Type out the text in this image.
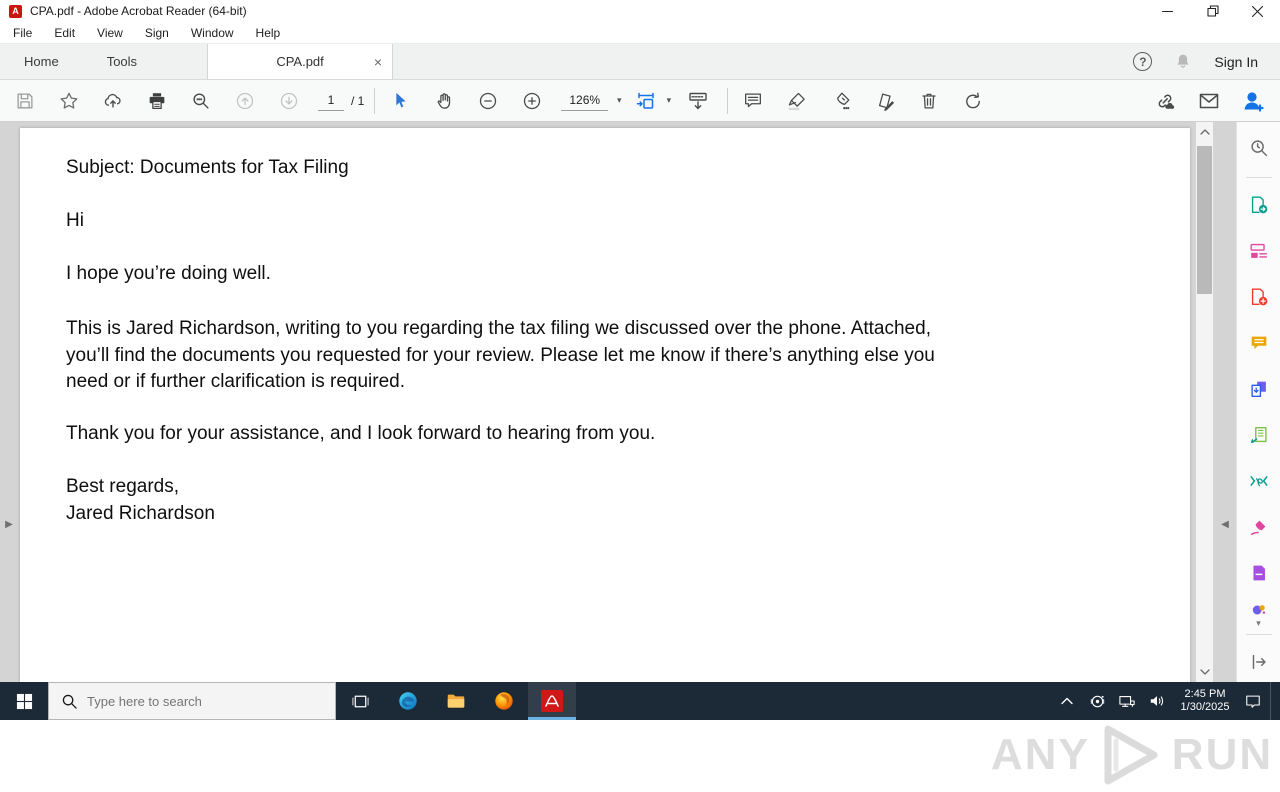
A CPA.pdf - Adobe Acrobat Reader (64-bit)
File	Edit	View	Sign	Window	Help
Home	Tools	CPA.pdf	×	?	Sign In
1
/ 1	126%	▾	▾
Subject: Documents for Tax Filing
Hi
I hope you’re doing well.
This is Jared Richardson, writing to you regarding the tax filing we discussed over the phone. Attached,
you’ll find the documents you requested for your review. Please let me know if there’s anything else you
need or if further clarification is required.
Thank you for your assistance, and I look forward to hearing from you.
Best regards,
Jared Richardson
▶	◀
▾
ANY RUN
Type here to search
2:45 PM
1/30/2025
